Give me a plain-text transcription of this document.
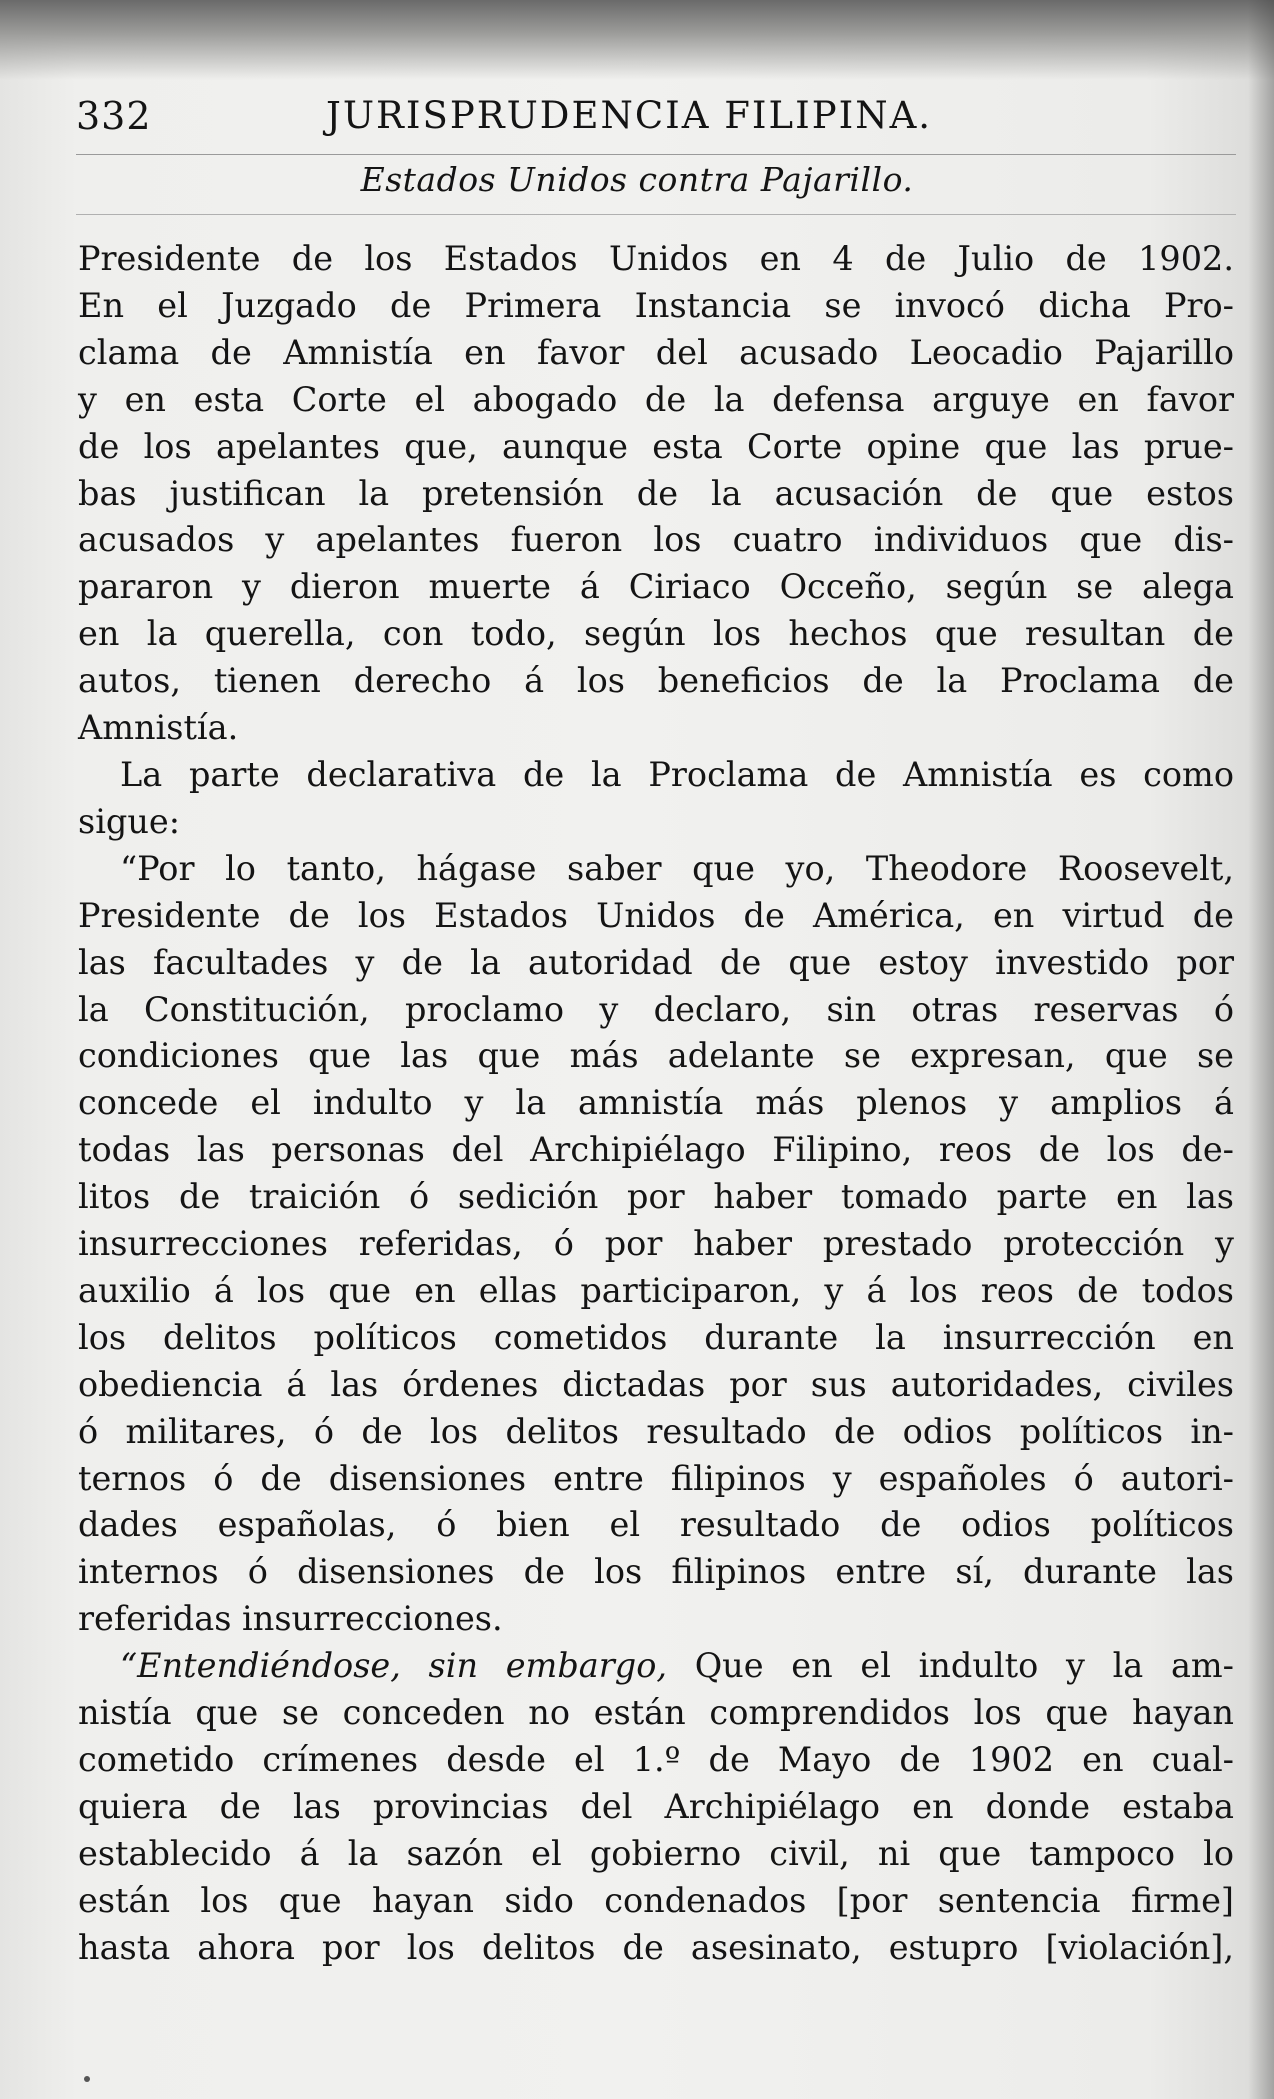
332	JURISPRUDENCIA FILIPINA.
Estados Unidos contra Pajarillo.
Presidente de los Estados Unidos en 4 de Julio de 1902.
En el Juzgado de Primera Instancia se invocó dicha Pro-
clama de Amnistía en favor del acusado Leocadio Pajarillo
y en esta Corte el abogado de la defensa arguye en favor
de los apelantes que, aunque esta Corte opine que las prue-
bas justifican la pretensión de la acusación de que estos
acusados y apelantes fueron los cuatro individuos que dis-
pararon y dieron muerte á Ciriaco Occeño, según se alega
en la querella, con todo, según los hechos que resultan de
autos, tienen derecho á los beneficios de la Proclama de
Amnistía.
La parte declarativa de la Proclama de Amnistía es como
sigue:
“Por lo tanto, hágase saber que yo, Theodore Roosevelt,
Presidente de los Estados Unidos de América, en virtud de
las facultades y de la autoridad de que estoy investido por
la Constitución, proclamo y declaro, sin otras reservas ó
condiciones que las que más adelante se expresan, que se
concede el indulto y la amnistía más plenos y amplios á
todas las personas del Archipiélago Filipino, reos de los de-
litos de traición ó sedición por haber tomado parte en las
insurrecciones referidas, ó por haber prestado protección y
auxilio á los que en ellas participaron, y á los reos de todos
los delitos políticos cometidos durante la insurrección en
obediencia á las órdenes dictadas por sus autoridades, civiles
ó militares, ó de los delitos resultado de odios políticos in-
ternos ó de disensiones entre filipinos y españoles ó autori-
dades españolas, ó bien el resultado de odios políticos
internos ó disensiones de los filipinos entre sí, durante las
referidas insurrecciones.
“Entendiéndose, sin embargo, Que en el indulto y la am-
nistía que se conceden no están comprendidos los que hayan
cometido crímenes desde el 1.º de Mayo de 1902 en cual-
quiera de las provincias del Archipiélago en donde estaba
establecido á la sazón el gobierno civil, ni que tampoco lo
están los que hayan sido condenados [por sentencia firme]
hasta ahora por los delitos de asesinato, estupro [violación],
